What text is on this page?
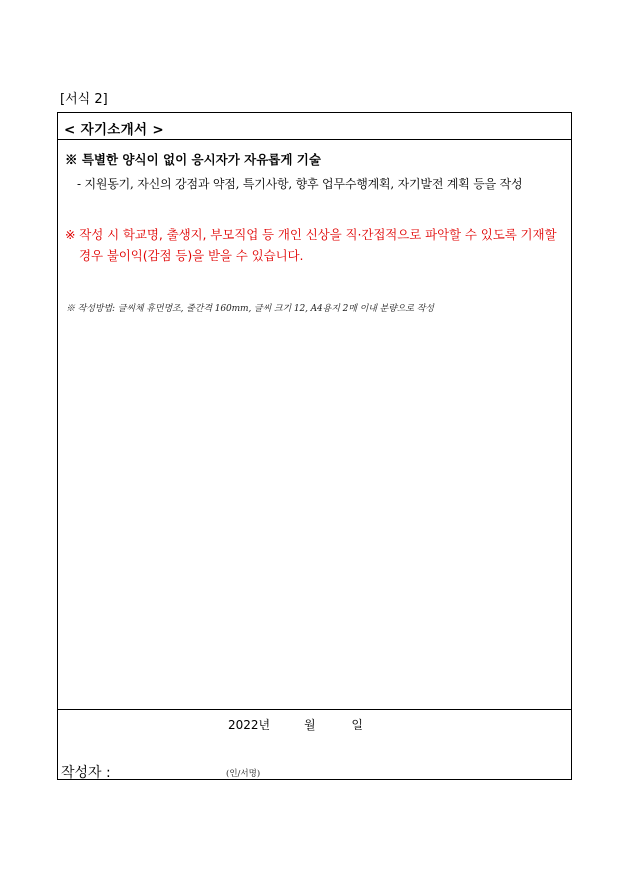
[서식 2]
< 자기소개서 >
※ 특별한 양식이 없이 응시자가 자유롭게 기술
- 지원동기, 자신의 강점과 약점, 특기사항, 향후 업무수행계획, 자기발전 계획 등을 작성
※ 작성 시 학교명, 출생지, 부모직업 등 개인 신상을 직·간접적으로 파악할 수 있도록 기재할
경우 불이익(감점 등)을 받을 수 있습니다.
※ 작성방법: 글씨체 휴먼명조, 줄간격 160mm, 글씨 크기 12, A4용지 2매 이내 분량으로 작성
2022년	월	일
작성자 :	(인/서명)
